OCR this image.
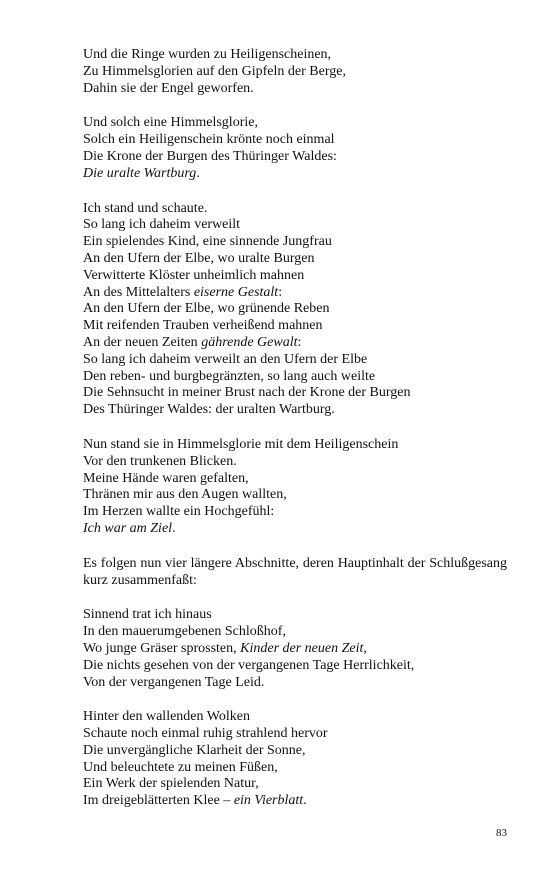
Und die Ringe wurden zu Heiligenscheinen,
Zu Himmelsglorien auf den Gipfeln der Berge,
Dahin sie der Engel geworfen.
Und solch eine Himmelsglorie,
Solch ein Heiligenschein krönte noch einmal
Die Krone der Burgen des Thüringer Waldes:
Die uralte Wartburg.
Ich stand und schaute.
So lang ich daheim verweilt
Ein spielendes Kind, eine sinnende Jungfrau
An den Ufern der Elbe, wo uralte Burgen
Verwitterte Klöster unheimlich mahnen
An des Mittelalters eiserne Gestalt:
An den Ufern der Elbe, wo grünende Reben
Mit reifenden Trauben verheißend mahnen
An der neuen Zeiten gährende Gewalt:
So lang ich daheim verweilt an den Ufern der Elbe
Den reben- und burgbegränzten, so lang auch weilte
Die Sehnsucht in meiner Brust nach der Krone der Burgen
Des Thüringer Waldes: der uralten Wartburg.
Nun stand sie in Himmelsglorie mit dem Heiligenschein
Vor den trunkenen Blicken.
Meine Hände waren gefalten,
Thränen mir aus den Augen wallten,
Im Herzen wallte ein Hochgefühl:
Ich war am Ziel.

Es folgen nun vier längere Abschnitte, deren Hauptinhalt der Schlußgesang kurz zusammenfaßt:

Sinnend trat ich hinaus
In den mauerumgebenen Schloßhof,
Wo junge Gräser sprossten, Kinder der neuen Zeit,
Die nichts gesehen von der vergangenen Tage Herrlichkeit,
Von der vergangenen Tage Leid.
Hinter den wallenden Wolken
Schaute noch einmal ruhig strahlend hervor
Die unvergängliche Klarheit der Sonne,
Und beleuchtete zu meinen Füßen,
Ein Werk der spielenden Natur,
Im dreigeblätterten Klee – ein Vierblatt.
83
